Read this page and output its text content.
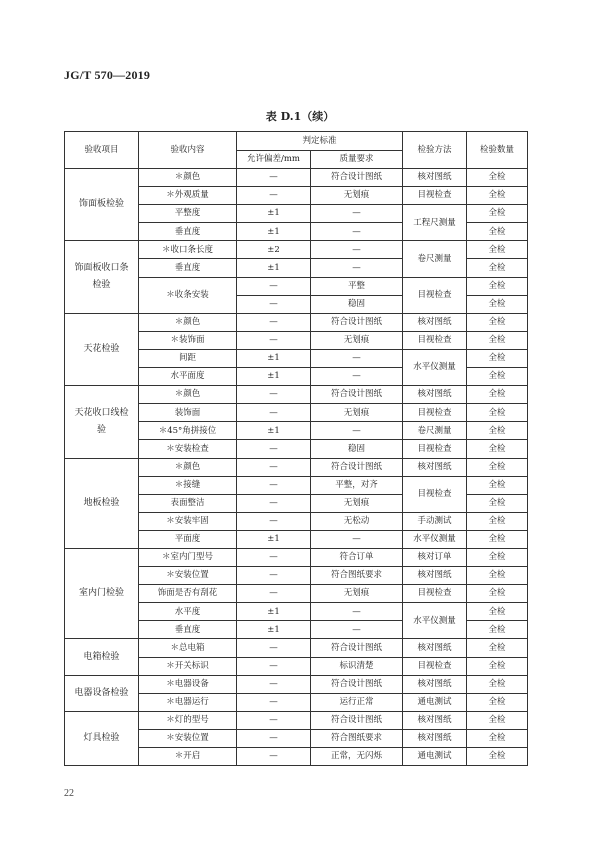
JG/T 570—2019
表 D.1（续）
验收项目	验收内容	判定标准		检验方法	检验数量
		允许偏差/mm	质量要求		
饰面板检验	＊颜色	—	符合设计图纸	核对图纸	全检
	＊外观质量	—	无划痕	目视检查	全检
	平整度	±1	—	工程尺测量	全检
	垂直度	±1	—		全检
饰面板收口条检验	＊收口条长度	±2	—	卷尺测量	全检
	垂直度	±1	—		全检
	＊收条安装	—	平整	目视检查	全检
		—	稳固		全检
天花检验	＊颜色	—	符合设计图纸	核对图纸	全检
	＊装饰面	—	无划痕	目视检查	全检
	间距	±1	—	水平仪测量	全检
	水平面度	±1	—		全检
天花收口线检验	＊颜色	—	符合设计图纸	核对图纸	全检
	装饰面	—	无划痕	目视检查	全检
	＊45°角拼接位	±1	—	卷尺测量	全检
	＊安装检查	—	稳固	目视检查	全检
地板检验	＊颜色	—	符合设计图纸	核对图纸	全检
	＊接缝	—	平整，对齐	目视检查	全检
	表面整洁	—	无划痕		全检
	＊安装牢固	—	无松动	手动测试	全检
	平面度	±1	—	水平仪测量	全检
室内门检验	＊室内门型号	—	符合订单	核对订单	全检
	＊安装位置	—	符合图纸要求	核对图纸	全检
	饰面是否有刮花	—	无划痕	目视检查	全检
	水平度	±1	—	水平仪测量	全检
	垂直度	±1	—		全检
电箱检验	＊总电箱	—	符合设计图纸	核对图纸	全检
	＊开关标识	—	标识清楚	目视检查	全检
电器设备检验	＊电器设备	—	符合设计图纸	核对图纸	全检
	＊电器运行	—	运行正常	通电测试	全检
灯具检验	＊灯的型号	—	符合设计图纸	核对图纸	全检
	＊安装位置	—	符合图纸要求	核对图纸	全检
	＊开启	—	正常，无闪烁	通电测试	全检
22
